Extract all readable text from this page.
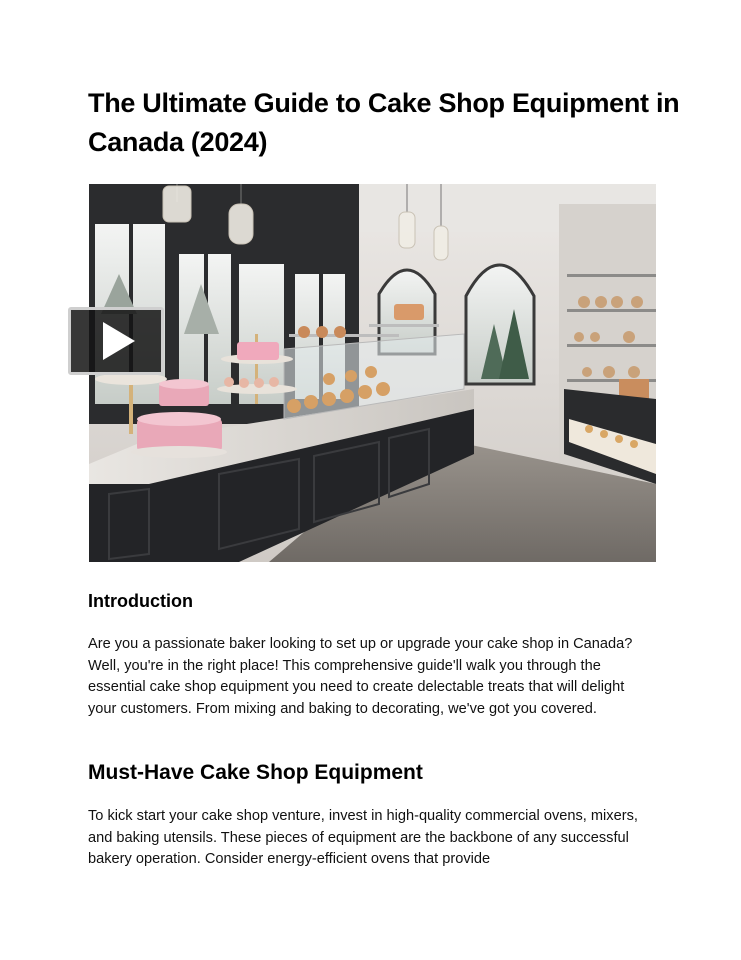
The Ultimate Guide to Cake Shop Equipment in Canada (2024)
Introduction

Are you a passionate baker looking to set up or upgrade your cake shop in Canada? Well, you're in the right place! This comprehensive guide'll walk you through the essential cake shop equipment you need to create delectable treats that will delight your customers. From mixing and baking to decorating, we've got you covered.

Must-Have Cake Shop Equipment

To kick start your cake shop venture, invest in high-quality commercial ovens, mixers, and baking utensils. These pieces of equipment are the backbone of any successful bakery operation. Consider energy-efficient ovens that provide
